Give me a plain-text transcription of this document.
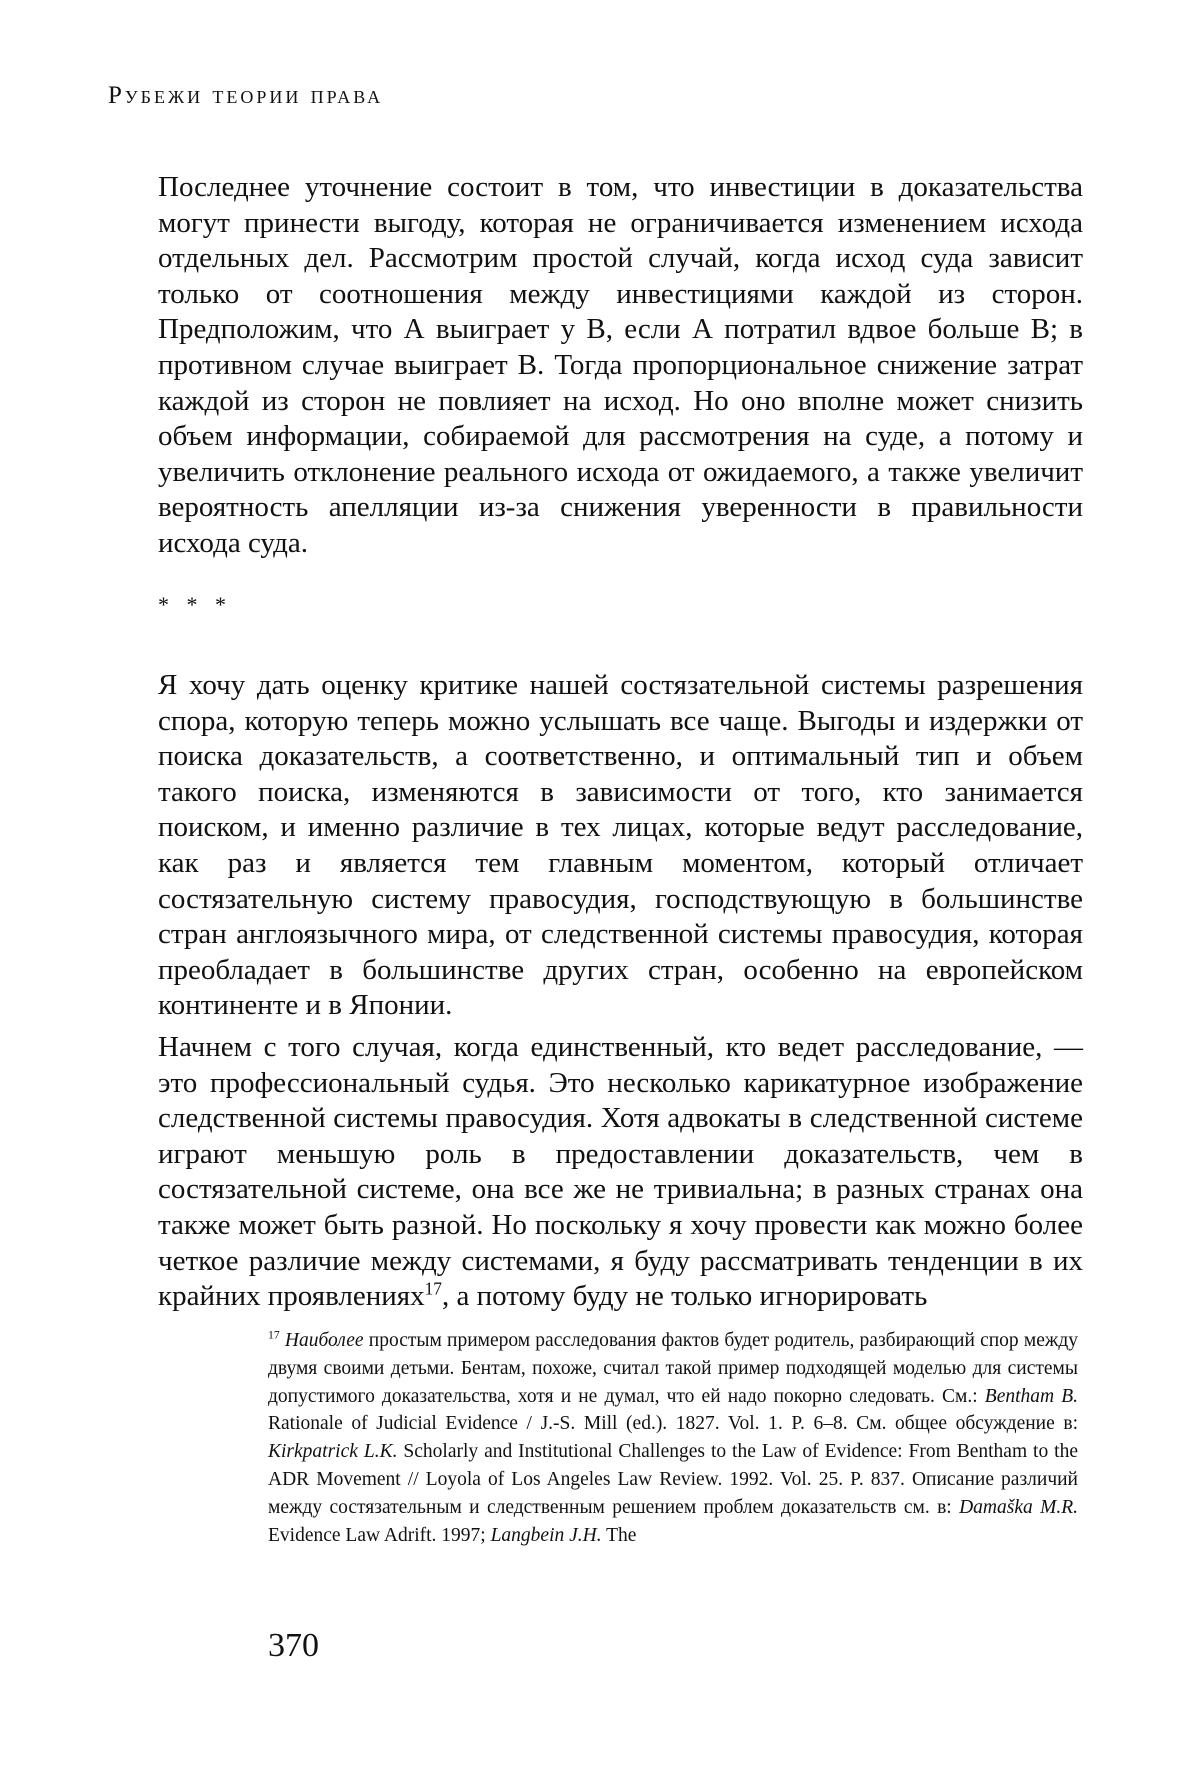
Рубежи теории права

Последнее уточнение состоит в том, что инвестиции в доказательства могут принести выгоду, которая не ограничивается изменением исхода отдельных дел. Рассмотрим простой случай, когда исход суда зависит только от соотношения между инвестициями каждой из сторон. Предположим, что А выиграет у B, если А потратил вдвое больше B; в противном случае выиграет B. Тогда пропорциональное снижение затрат каждой из сторон не повлияет на исход. Но оно вполне может снизить объем информации, собираемой для рассмотрения на суде, а потому и увеличить отклонение реального исхода от ожидаемого, а также увеличит вероятность апелляции из-за снижения уверенности в правильности исхода суда.

* * *

Я хочу дать оценку критике нашей состязательной системы разрешения спора, которую теперь можно услышать все чаще. Выгоды и издержки от поиска доказательств, а соответственно, и оптимальный тип и объем такого поиска, изменяются в зависимости от того, кто занимается поиском, и именно различие в тех лицах, которые ведут расследование, как раз и является тем главным моментом, который отличает состязательную систему правосудия, господствующую в большинстве стран англоязычного мира, от следственной системы правосудия, которая преобладает в большинстве других стран, особенно на европейском континенте и в Японии.

Начнем с того случая, когда единственный, кто ведет расследование, — это профессиональный судья. Это несколько карикатурное изображение следственной системы правосудия. Хотя адвокаты в следственной системе играют меньшую роль в предоставлении доказательств, чем в состязательной системе, она все же не тривиальна; в разных странах она также может быть разной. Но поскольку я хочу провести как можно более четкое различие между системами, я буду рассматривать тенденции в их крайних проявлениях$^{17}$, а потому буду не только игнорировать

$^{17}$ Наиболее простым примером расследования фактов будет родитель, разбирающий спор между двумя своими детьми. Бентам, похоже, считал такой пример подходящей моделью для системы допустимого доказательства, хотя и не думал, что ей надо покорно следовать. См.: Bentham B. Rationale of Judicial Evidence / J.-S. Mill (ed.). 1827. Vol. 1. P. 6–8. См. общее обсуждение в: Kirkpatrick L.K. Scholarly and Institutional Challenges to the Law of Evidence: From Bentham to the ADR Movement // Loyola of Los Angeles Law Review. 1992. Vol. 25. P. 837. Описание различий между состязательным и следственным решением проблем доказательств см. в: Damaška M.R. Evidence Law Adrift. 1997; Langbein J.H. The

370
